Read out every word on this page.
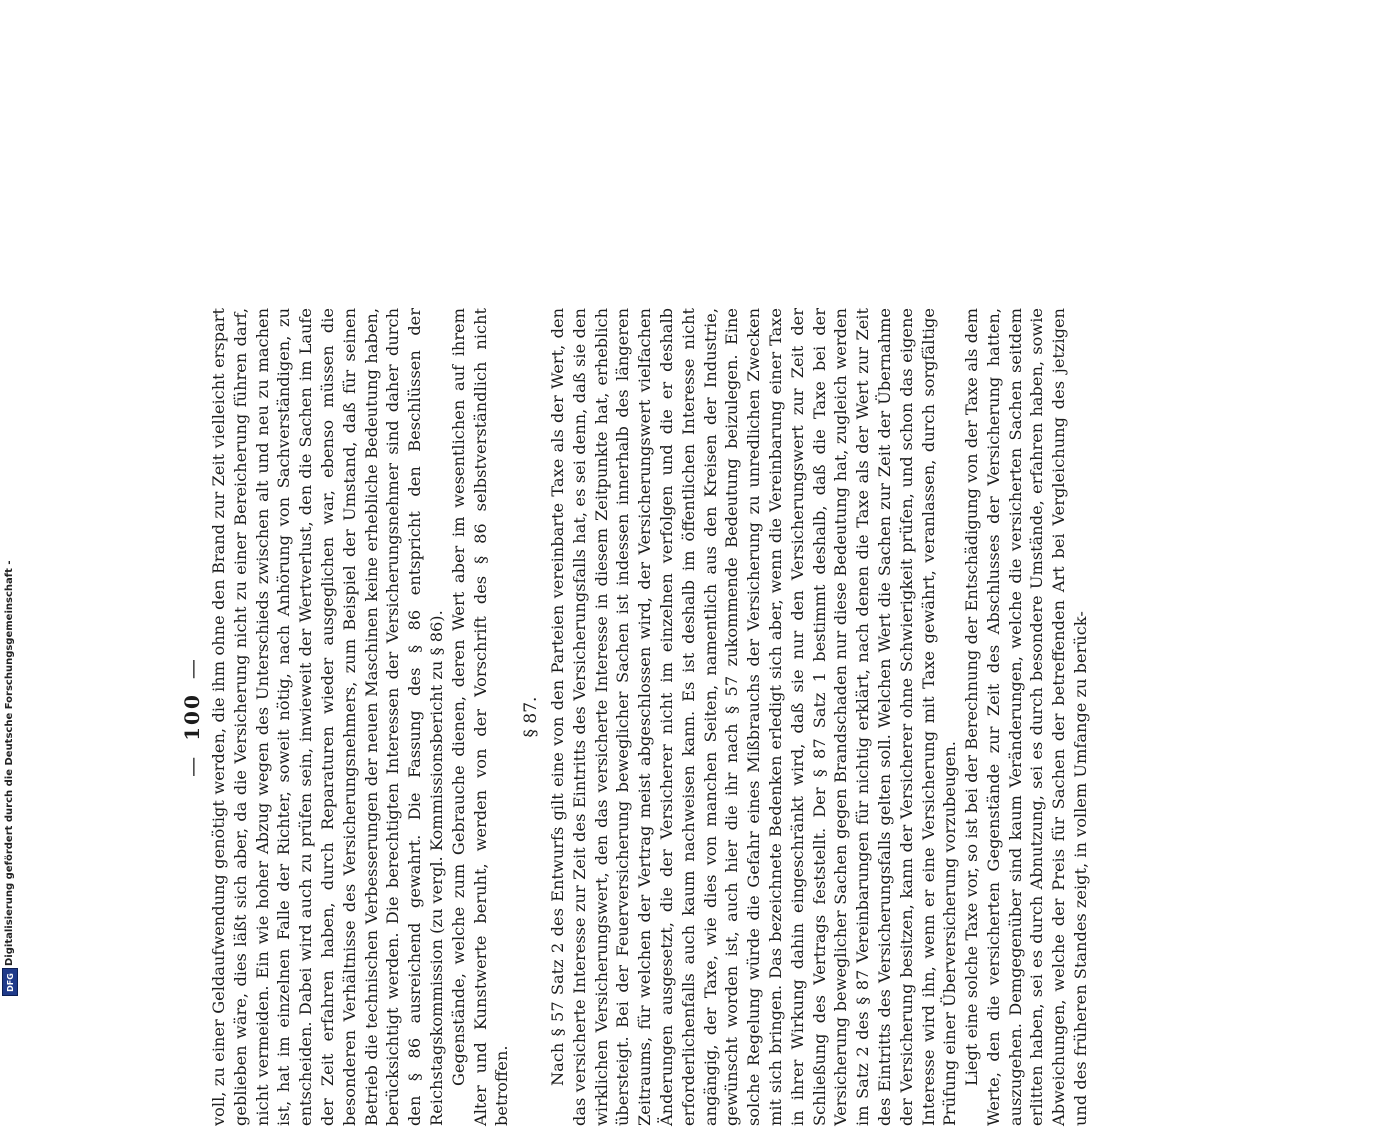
Digitalisierung gefördert durch die Deutsche Forschungsgemeinschaft -
DFG
—
100
— voll, zu einer Geldaufwendung genötigt werden, die ihm ohne den Brand zur Zeit vielleicht erspart geblieben wäre, dies läßt sich aber, da die Versicherung nicht zu einer Bereicherung führen darf, nicht vermeiden. Ein wie hoher Abzug wegen des Unterschieds zwischen alt und neu zu machen ist, hat im einzelnen Falle der Richter, soweit nötig, nach Anhörung von Sachverständigen, zu entscheiden. Dabei wird auch zu prüfen sein, inwieweit der Wertverlust, den die Sachen im Laufe der Zeit erfahren haben, durch Reparaturen wieder ausgeglichen war, ebenso müssen die besonderen Verhältnisse des Versicherungsnehmers, zum Beispiel der Umstand, daß für seinen Betrieb die technischen Verbesserungen der neuen Maschinen keine erhebliche Bedeutung haben, berücksichtigt werden. Die berechtigten Interessen der Versicherungsnehmer sind daher durch den § 86 ausreichend gewahrt. Die Fassung des § 86 entspricht den Beschlüssen der Reichstagskommission (zu vergl. Kommissionsbericht zu § 86). Gegenstände, welche zum Gebrauche dienen, deren Wert aber im wesentlichen auf ihrem Alter und Kunstwerte beruht, werden von der Vorschrift des § 86 selbstverständlich nicht betroffen.

§ 87. Nach § 57 Satz 2 des Entwurfs gilt eine von den Parteien vereinbarte Taxe als der Wert, den das versicherte Interesse zur Zeit des Eintritts des Versicherungsfalls hat, es sei denn, daß sie den wirklichen Versicherungswert, den das versicherte Interesse in diesem Zeitpunkte hat, erheblich übersteigt. Bei der Feuerversicherung beweglicher Sachen ist indessen innerhalb des längeren Zeitraums, für welchen der Vertrag meist abgeschlossen wird, der Versicherungswert vielfachen Änderungen ausgesetzt, die der Versicherer nicht im einzelnen verfolgen und die er deshalb erforderlichenfalls auch kaum nachweisen kann. Es ist deshalb im öffentlichen Interesse nicht angängig, der Taxe, wie dies von manchen Seiten, namentlich aus den Kreisen der Industrie, gewünscht worden ist, auch hier die ihr nach § 57 zukommende Bedeutung beizulegen. Eine solche Regelung würde die Gefahr eines Mißbrauchs der Versicherung zu unredlichen Zwecken mit sich bringen. Das bezeichnete Bedenken erledigt sich aber, wenn die Vereinbarung einer Taxe in ihrer Wirkung dahin eingeschränkt wird, daß sie nur den Versicherungswert zur Zeit der Schließung des Vertrags feststellt. Der § 87 Satz 1 bestimmt deshalb, daß die Taxe bei der Versicherung beweglicher Sachen gegen Brandschaden nur diese Bedeutung hat, zugleich werden im Satz 2 des § 87 Vereinbarungen für nichtig erklärt, nach denen die Taxe als der Wert zur Zeit des Eintritts des Versicherungsfalls gelten soll. Welchen Wert die Sachen zur Zeit der Übernahme der Versicherung besitzen, kann der Versicherer ohne Schwierigkeit prüfen, und schon das eigene Interesse wird ihn, wenn er eine Versicherung mit Taxe gewährt, veranlassen, durch sorgfältige Prüfung einer Überversicherung vorzubeugen. Liegt eine solche Taxe vor, so ist bei der Berechnung der Entschädigung von der Taxe als dem Werte, den die versicherten Gegenstände zur Zeit des Abschlusses der Versicherung hatten, auszugehen. Demgegenüber sind kaum Veränderungen, welche die versicherten Sachen seitdem erlitten haben, sei es durch Abnutzung, sei es durch besondere Umstände, erfahren haben, sowie Abweichungen, welche der Preis für Sachen der betreffenden Art bei Vergleichung des jetzigen und des früheren Standes zeigt, in vollem Umfange zu berück-
